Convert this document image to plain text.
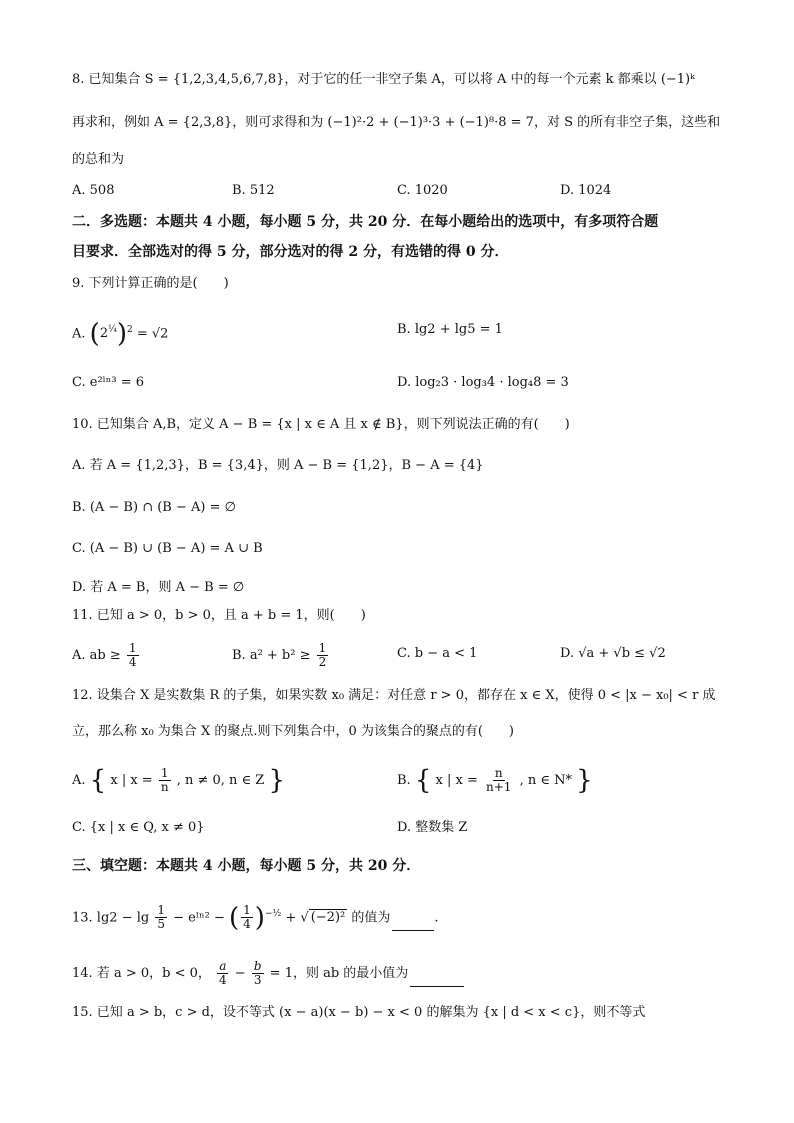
8. 已知集合 S = {1,2,3,4,5,6,7,8}，对于它的任一非空子集 A，可以将 A 中的每一个元素 k 都乘以 (−1)ᵏ
再求和，例如 A = {2,3,8}，则可求得和为 (−1)²·2 + (−1)³·3 + (−1)⁸·8 = 7，对 S 的所有非空子集，这些和
的总和为
A. 508	B. 512	C. 1020	D. 1024
二．多选题：本题共 4 小题，每小题 5 分，共 20 分．在每小题给出的选项中，有多项符合题
目要求．全部选对的得 5 分，部分选对的得 2 分，有选错的得 0 分．
9. 下列计算正确的是(　　)
A. $(2^{\frac{1}{4}})^2 = √2$	B. lg2 + lg5 = 1
C. e²ˡⁿ³ = 6	D. log₂3 · log₃4 · log₄8 = 3
10. 已知集合 A,B，定义 A − B = {x | x ∈ A 且 x ∉ B}，则下列说法正确的有(　　)
A. 若 A = {1,2,3}，B = {3,4}，则 A − B = {1,2}，B − A = {4}
B. (A − B) ∩ (B − A) = ∅
C. (A − B) ∪ (B − A) = A ∪ B
D. 若 A = B，则 A − B = ∅
11. 已知 a > 0，b > 0，且 a + b = 1，则(　　)
A. ab ≥ $\frac{1}{4}$	B. $a^2 + b^2 \ge \frac{1}{2}$	C. b − a < 1	D. √a + √b ≤ √2
12. 设集合 X 是实数集 R 的子集，如果实数 x₀ 满足：对任意 r > 0，都存在 x ∈ X，使得 0 < |x − x₀| < r 成
立，那么称 x₀ 为集合 X 的聚点.则下列集合中，0 为该集合的聚点的有(　　)
A. { x | $x = \frac{1}{n}$ , n ≠ 0, n ∈ Z }	B. { x | $x = \frac{n}{n+1}$ , n ∈ N* }
C. {x | x ∈ Q, x ≠ 0}	D. 整数集 Z
三、填空题：本题共 4 小题，每小题 5 分，共 20 分．
13. $\lg 2 - \lg \frac{1}{5}$ − eˡⁿ² − ( $\frac{1}{4} )^{-\frac{1}{2}}$ + √ (−2)² 的值为	.
14. 若 a > 0，b < 0， $\frac{a}{4} - \frac{b}{3} = 1$，则 ab 的最小值为
15. 已知 a > b，c > d，设不等式 (x − a)(x − b) − x < 0 的解集为 {x | d < x < c}，则不等式
